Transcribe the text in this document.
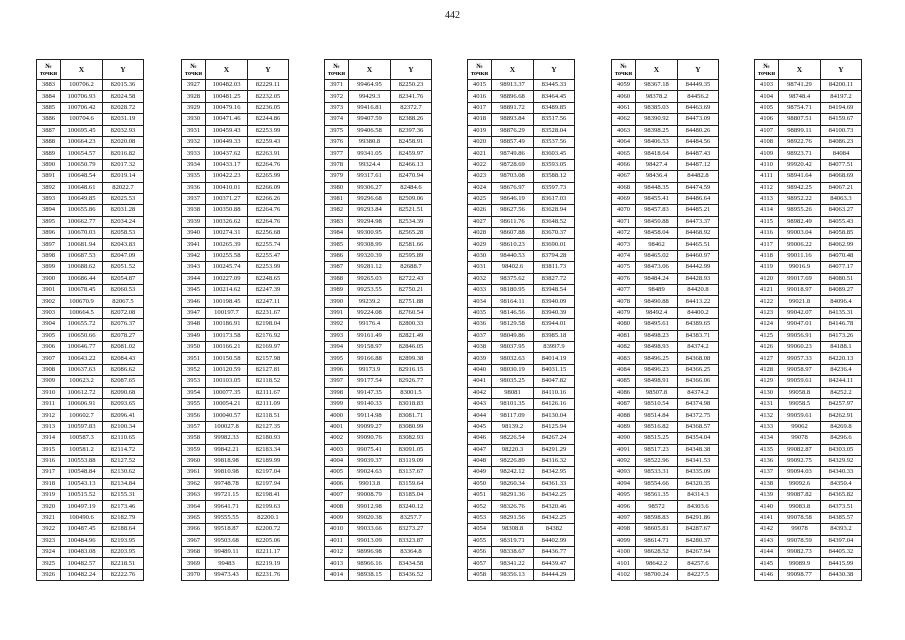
442
№
точки	X	Y
3883	100706.2	82015.36
3884	100706.93	82024.58
3885	100706.42	82028.72
3886	100704.6	82031.19
3887	100695.45	82032.93
3888	100664.23	82020.08
3889	100654.57	82016.82
3890	100650.79	82017.32
3891	100648.54	82019.14
3892	100648.61	82022.7
3893	100649.85	82025.53
3894	100655.86	82031.28
3895	100662.77	82034.24
3896	100670.03	82058.53
3897	100681.94	82043.83
3898	100687.53	82047.09
3899	100688.62	82051.52
3900	100686.44	82054.87
3901	100678.45	82060.53
3902	100670.9	82067.5
3903	100664.5	82072.08
3904	100655.72	82076.37
3905	100650.66	82078.27
3906	100646.77	82081.02
3907	100643.22	82084.43
3908	100637.63	82086.62
3909	100623.2	82087.65
3910	100612.72	82090.68
3911	100606.91	82093.65
3912	100602.7	82096.41
3913	100597.83	82100.34
3914	100587.3	82110.65
3915	100581.2	82114.72
3916	100553.88	82127.52
3917	100548.84	82130.62
3918	100543.13	82134.84
3919	100515.52	82155.31
3920	100497.19	82173.46
3921	100490.6	82182.79
3922	100487.45	82188.64
3923	100484.96	82193.95
3924	100483.08	82203.95
3925	100482.57	82218.51
3926	100482.24	82222.76
№
точки	X	Y
3927	100482.03	82229.11
3928	100481.25	82232.05
3929	100479.16	82236.05
3930	100471.46	82244.86
3931	100459.43	82253.99
3932	100449.33	82259.43
3933	100437.62	82263.91
3934	100433.17	82264.76
3935	100422.23	82265.99
3936	100410.01	82266.09
3937	100371.27	82266.26
3938	100350.88	82264.76
3939	100326.62	82264.76
3940	100274.31	82256.68
3941	100265.39	82255.74
3942	100255.58	82255.47
3943	100245.74	82253.99
3944	100227.09	82248.65
3945	100214.62	82247.39
3946	100198.45	82247.11
3947	100197.7	82231.67
3948	100186.91	82198.04
3949	100173.58	82176.92
3950	100166.21	82169.97
3951	100150.58	82157.98
3952	100120.59	82127.81
3953	100103.05	82118.52
3954	100077.35	82111.67
3955	100054.21	82111.09
3956	100040.57	82118.51
3957	100027.8	82127.35
3958	99982.33	82180.93
3959	99842.21	82183.34
3960	99818.98	82189.99
3961	99810.98	82197.04
3962	99748.78	82197.94
3963	99721.15	82198.41
3964	99641.71	82199.63
3965	99555.55	82200.1
3966	99518.87	82200.72
3967	99503.68	82205.06
3968	99489.11	82211.17
3969	99483	82219.19
3970	99473.43	82231.76
№
точки	X	Y
3971	99464.95	82250.23
3972	99429.3	82341.76
3973	99416.81	82372.7
3974	99407.59	82388.26
3975	99406.58	82397.36
3976	99380.8	82458.91
3977	99341.05	82459.97
3978	99324.4	82466.13
3979	99317.61	82470.94
3980	99306.27	82484.6
3981	99296.68	82509.06
3982	99293.84	82521.51
3983	99294.98	82534.39
3984	99300.95	82565.28
3985	99308.99	82581.66
3986	99320.39	82595.89
3987	99281.12	82688.7
3988	99265.03	82722.43
3989	99253.55	82750.21
3990	99239.2	82751.88
3991	99224.08	82760.54
3992	99176.4	82800.33
3993	99161.49	82821.49
3994	99158.97	82846.05
3995	99166.88	82899.38
3996	99173.9	82916.15
3997	99177.54	82926.77
3998	99147.35	83001.5
3999	99140.33	83018.83
4000	99114.98	83081.71
4001	99099.27	83080.99
4002	99090.76	83082.93
4003	99075.41	83091.05
4004	99039.37	83119.09
4005	99024.63	83137.67
4006	99013.8	83159.64
4007	99008.79	83185.04
4008	99012.98	83240.12
4009	99020.38	83257.7
4010	99033.66	83273.27
4011	99013.09	83323.87
4012	98996.98	83364.8
4013	98966.16	83434.58
4014	98938.15	83436.52
№
точки	X	Y
4015	98913.37	83445.33
4016	98896.68	83464.45
4017	98891.72	83489.85
4018	98893.84	83517.56
4019	98876.29	83528.04
4020	98857.49	83537.56
4021	98749.86	83603.45
4022	98728.69	83593.05
4023	98703.08	83588.12
4024	98676.97	83597.73
4025	98646.19	83617.03
4026	98627.56	83628.94
4027	98611.76	83648.52
4028	98607.88	83670.37
4029	98610.23	83690.01
4030	98440.53	83794.28
4031	98402.6	83811.73
4032	98375.62	83827.72
4033	98180.95	83948.54
4034	98164.11	83940.09
4035	98146.56	83940.39
4036	98129.58	83944.01
4037	98049.86	83985.18
4038	98037.95	83997.9
4039	98032.63	84014.19
4040	98030.19	84031.15
4041	98035.25	84047.82
4042	98081	84110.16
4043	98101.35	84126.16
4044	98117.09	84130.04
4045	98139.2	84125.94
4046	98226.54	84267.24
4047	98220.3	84291.29
4048	98226.89	84316.32
4049	98242.12	84342.95
4050	98260.34	84361.33
4051	98291.36	84342.25
4052	98326.76	84320.46
4053	98291.56	84342.25
4054	98308.8	84382
4055	98319.71	84402.99
4056	98338.67	84436.77
4057	98341.22	84439.47
4058	98356.13	84444.29
№
точки	X	Y
4059	98367.18	84449.35
4060	98378.2	84456.2
4061	98385.03	84463.69
4062	98390.92	84473.09
4063	98398.25	84480.26
4064	98406.53	84484.56
4065	98418.64	84487.43
4066	98427.4	84487.12
4067	98436.4	84482.8
4068	98448.35	84474.59
4069	98455.41	84486.64
4070	98457.83	84485.21
4071	98450.88	84473.37
4072	98458.04	84468.92
4073	98462	84465.51
4074	98465.02	84460.97
4075	98473.06	84442.99
4076	98484.24	84428.93
4077	98489	84420.8
4078	98490.88	84413.22
4079	98492.4	84400.2
4080	98495.61	84389.65
4081	98498.23	84383.71
4082	98498.93	84374.2
4083	98496.25	84368.08
4084	98496.23	84366.25
4085	98498.91	84366.06
4086	98507.8	84374.2
4087	98510.54	84374.98
4088	98514.84	84372.75
4089	98516.82	84368.57
4090	98515.25	84354.04
4091	98517.23	84348.38
4092	98522.96	84341.53
4093	98533.31	84335.09
4094	98554.66	84320.35
4095	98561.35	84314.3
4096	98572	84303.6
4097	98598.83	84291.86
4098	98605.81	84287.67
4099	98614.71	84280.37
4100	98628.52	84267.94
4101	98642.2	84257.6
4102	98700.24	84227.5
№
точки	X	Y
4103	98741.29	84200.11
4104	98748.4	84197.2
4105	98754.71	84194.69
4106	98807.51	84159.67
4107	98899.11	84100.73
4108	98922.76	84086.23
4109	98923.71	84084
4110	99920.42	84077.51
4111	98941.64	84068.69
4112	98942.25	84067.21
4113	98952.22	84063.3
4114	98955.26	84063.27
4115	98982.49	84055.43
4116	99003.04	84058.85
4117	99006.22	84062.99
4118	99011.16	84070.48
4119	99016.9	84077.17
4120	99017.69	84080.51
4121	99018.97	84089.27
4122	99021.8	84096.4
4123	99042.07	84135.31
4124	99047.01	84146.78
4125	99056.91	84173.26
4126	99060.23	84188.1
4127	99057.33	84220.13
4128	99058.97	84236.4
4129	99059.61	84244.11
4130	99058.8	84252.2
4131	99058.5	84257.97
4132	99059.61	84262.91
4133	99062	84269.8
4134	99078	84296.6
4135	99082.87	84303.05
4136	99092.75	84329.92
4137	99094.03	84340.33
4138	99092.6	84350.4
4139	99087.82	84365.82
4140	99083.8	84373.51
4141	99078.58	84385.57
4142	99078	84393.2
4143	99078.59	84397.04
4144	99082.73	84405.32
4145	99089.9	84415.99
4146	99098.77	84430.38
